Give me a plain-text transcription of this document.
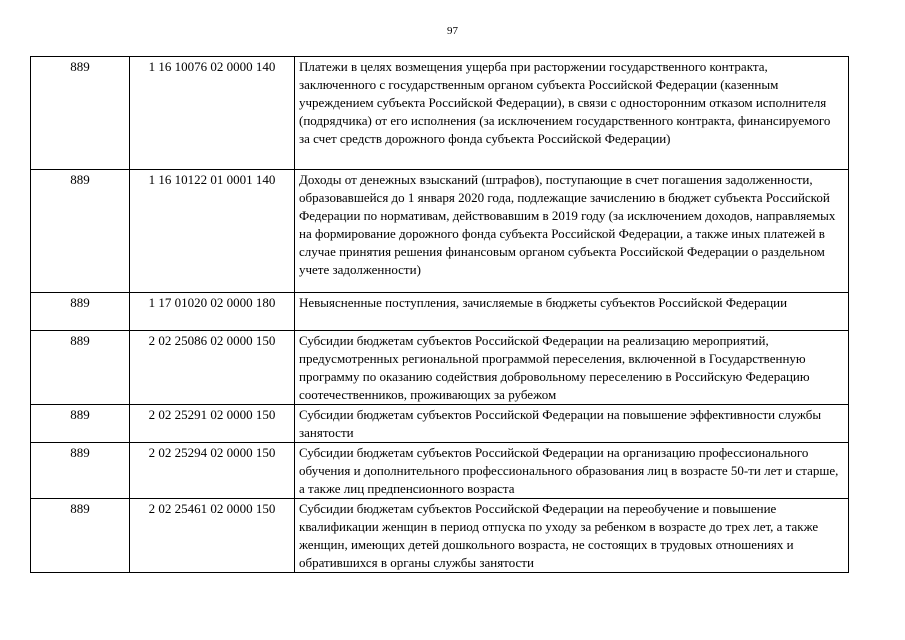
97
889	1 16 10076 02 0000 140	Платежи в целях возмещения ущерба при расторжении государственного контракта, заключенного с государственным органом субъекта Российской Федерации (казенным учреждением субъекта Российской Федерации), в связи с односторонним отказом исполнителя (подрядчика) от его исполнения (за исключением государственного контракта, финансируемого за счет средств дорожного фонда субъекта Российской Федерации)
889	1 16 10122 01 0001 140	Доходы от денежных взысканий (штрафов), поступающие в счет погашения задолженности, образовавшейся до 1 января 2020 года, подлежащие зачислению в бюджет субъекта Российской Федерации по нормативам, действовавшим в 2019 году (за исключением доходов, направляемых на формирование дорожного фонда субъекта Российской Федерации, а также иных платежей в случае принятия решения финансовым органом субъекта Российской Федерации о раздельном учете задолженности)
889	1 17 01020 02 0000 180	Невыясненные поступления, зачисляемые в бюджеты субъектов Российской Федерации
889	2 02 25086 02 0000 150	Субсидии бюджетам субъектов Российской Федерации на реализацию мероприятий, предусмотренных региональной программой переселения, включенной в Государственную программу по оказанию содействия добровольному переселению в Российскую Федерацию соотечественников, проживающих за рубежом
889	2 02 25291 02 0000 150	Субсидии бюджетам субъектов Российской Федерации на повышение эффективности службы занятости
889	2 02 25294 02 0000 150	Субсидии бюджетам субъектов Российской Федерации на организацию профессионального обучения и дополнительного профессионального образования лиц в возрасте 50-ти лет и старше, а также лиц предпенсионного возраста
889	2 02 25461 02 0000 150	Субсидии бюджетам субъектов Российской Федерации на переобучение и повышение квалификации женщин в период отпуска по уходу за ребенком в возрасте до трех лет, а также женщин, имеющих детей дошкольного возраста, не состоящих в трудовых отношениях и обратившихся в органы службы занятости
